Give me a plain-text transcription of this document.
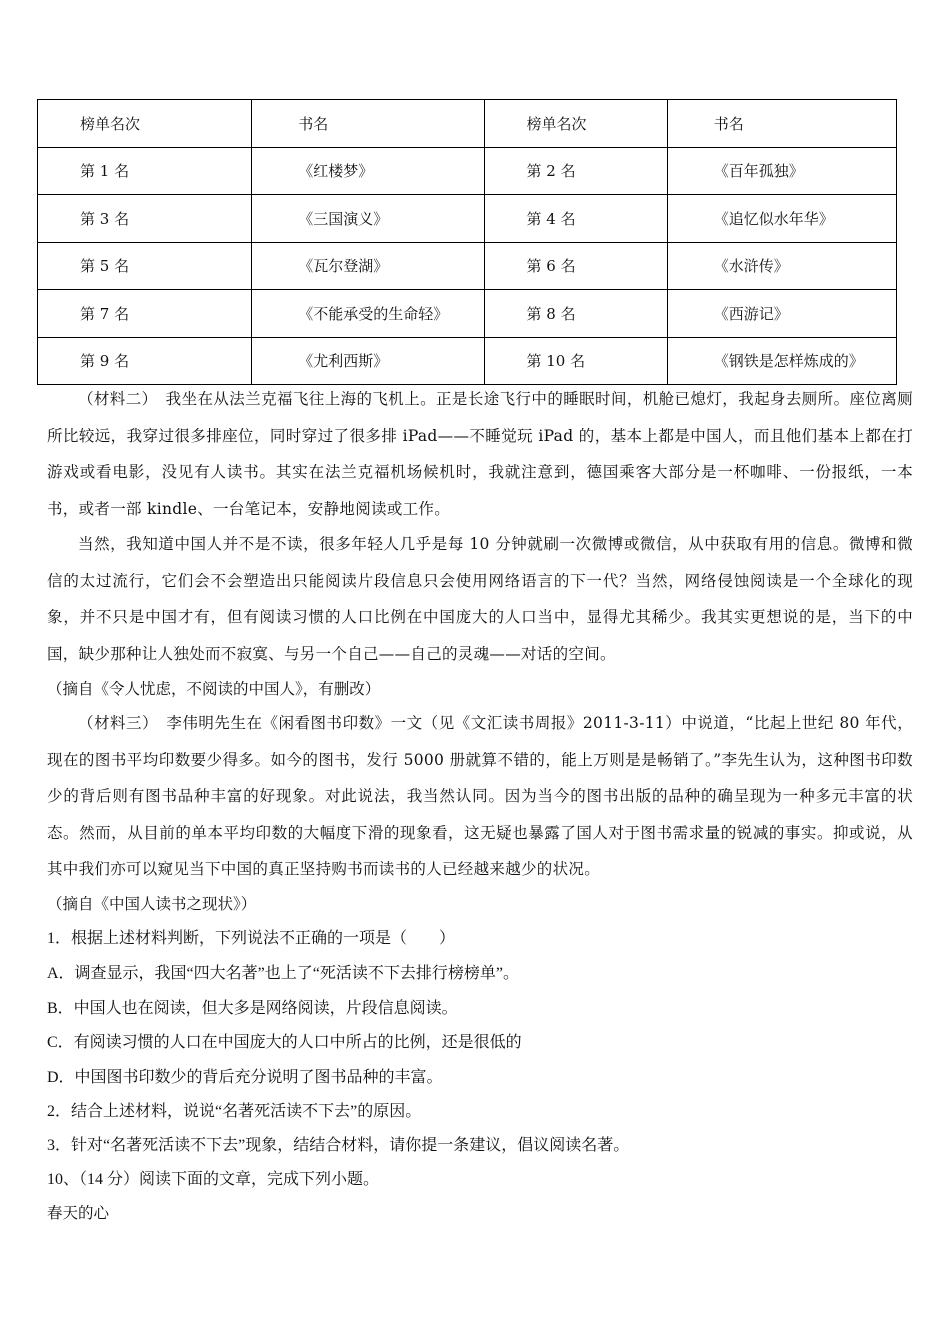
榜单名次	书名	榜单名次	书名
第 1 名	《红楼梦》	第 2 名	《百年孤独》
第 3 名	《三国演义》	第 4 名	《追忆似水年华》
第 5 名	《瓦尔登湖》	第 6 名	《水浒传》
第 7 名	《不能承受的生命轻》	第 8 名	《西游记》
第 9 名	《尤利西斯》	第 10 名	《钢铁是怎样炼成的》

（材料二）　我坐在从法兰克福飞往上海的飞机上。正是长途飞行中的睡眠时间，机舱已熄灯，我起身去厕所。座位离厕所比较远，我穿过很多排座位，同时穿过了很多排 iPad——不睡觉玩 iPad 的，基本上都是中国人，而且他们基本上都在打游戏或看电影，没见有人读书。其实在法兰克福机场候机时，我就注意到，德国乘客大部分是一杯咖啡、一份报纸，一本书，或者一部 kindle、一台笔记本，安静地阅读或工作。

当然，我知道中国人并不是不读，很多年轻人几乎是每 10 分钟就刷一次微博或微信，从中获取有用的信息。微博和微信的太过流行，它们会不会塑造出只能阅读片段信息只会使用网络语言的下一代？当然，网络侵蚀阅读是一个全球化的现象，并不只是中国才有，但有阅读习惯的人口比例在中国庞大的人口当中，显得尤其稀少。我其实更想说的是，当下的中国，缺少那种让人独处而不寂寞、与另一个自己——自己的灵魂——对话的空间。

（摘自《令人忧虑，不阅读的中国人》，有删改）

（材料三）　李伟明先生在《闲看图书印数》一文（见《文汇读书周报》2011-3-11）中说道，“比起上世纪 80 年代，现在的图书平均印数要少得多。如今的图书，发行 5000 册就算不错的，能上万则是是畅销了。”李先生认为，这种图书印数少的背后则有图书品种丰富的好现象。对此说法，我当然认同。因为当今的图书出版的品种的确呈现为一种多元丰富的状态。然而，从目前的单本平均印数的大幅度下滑的现象看，这无疑也暴露了国人对于图书需求量的锐减的事实。抑或说，从其中我们亦可以窥见当下中国的真正坚持购书而读书的人已经越来越少的状况。

（摘自《中国人读书之现状》）

1．根据上述材料判断，下列说法不正确的一项是（　　）

A．调查显示，我国“四大名著”也上了“死活读不下去排行榜榜单”。

B．中国人也在阅读，但大多是网络阅读，片段信息阅读。

C．有阅读习惯的人口在中国庞大的人口中所占的比例，还是很低的

D．中国图书印数少的背后充分说明了图书品种的丰富。

2．结合上述材料，说说“名著死活读不下去”的原因。

3．针对“名著死活读不下去”现象，结结合材料，请你提一条建议，倡议阅读名著。

10、（14 分）阅读下面的文章，完成下列小题。

春天的心
